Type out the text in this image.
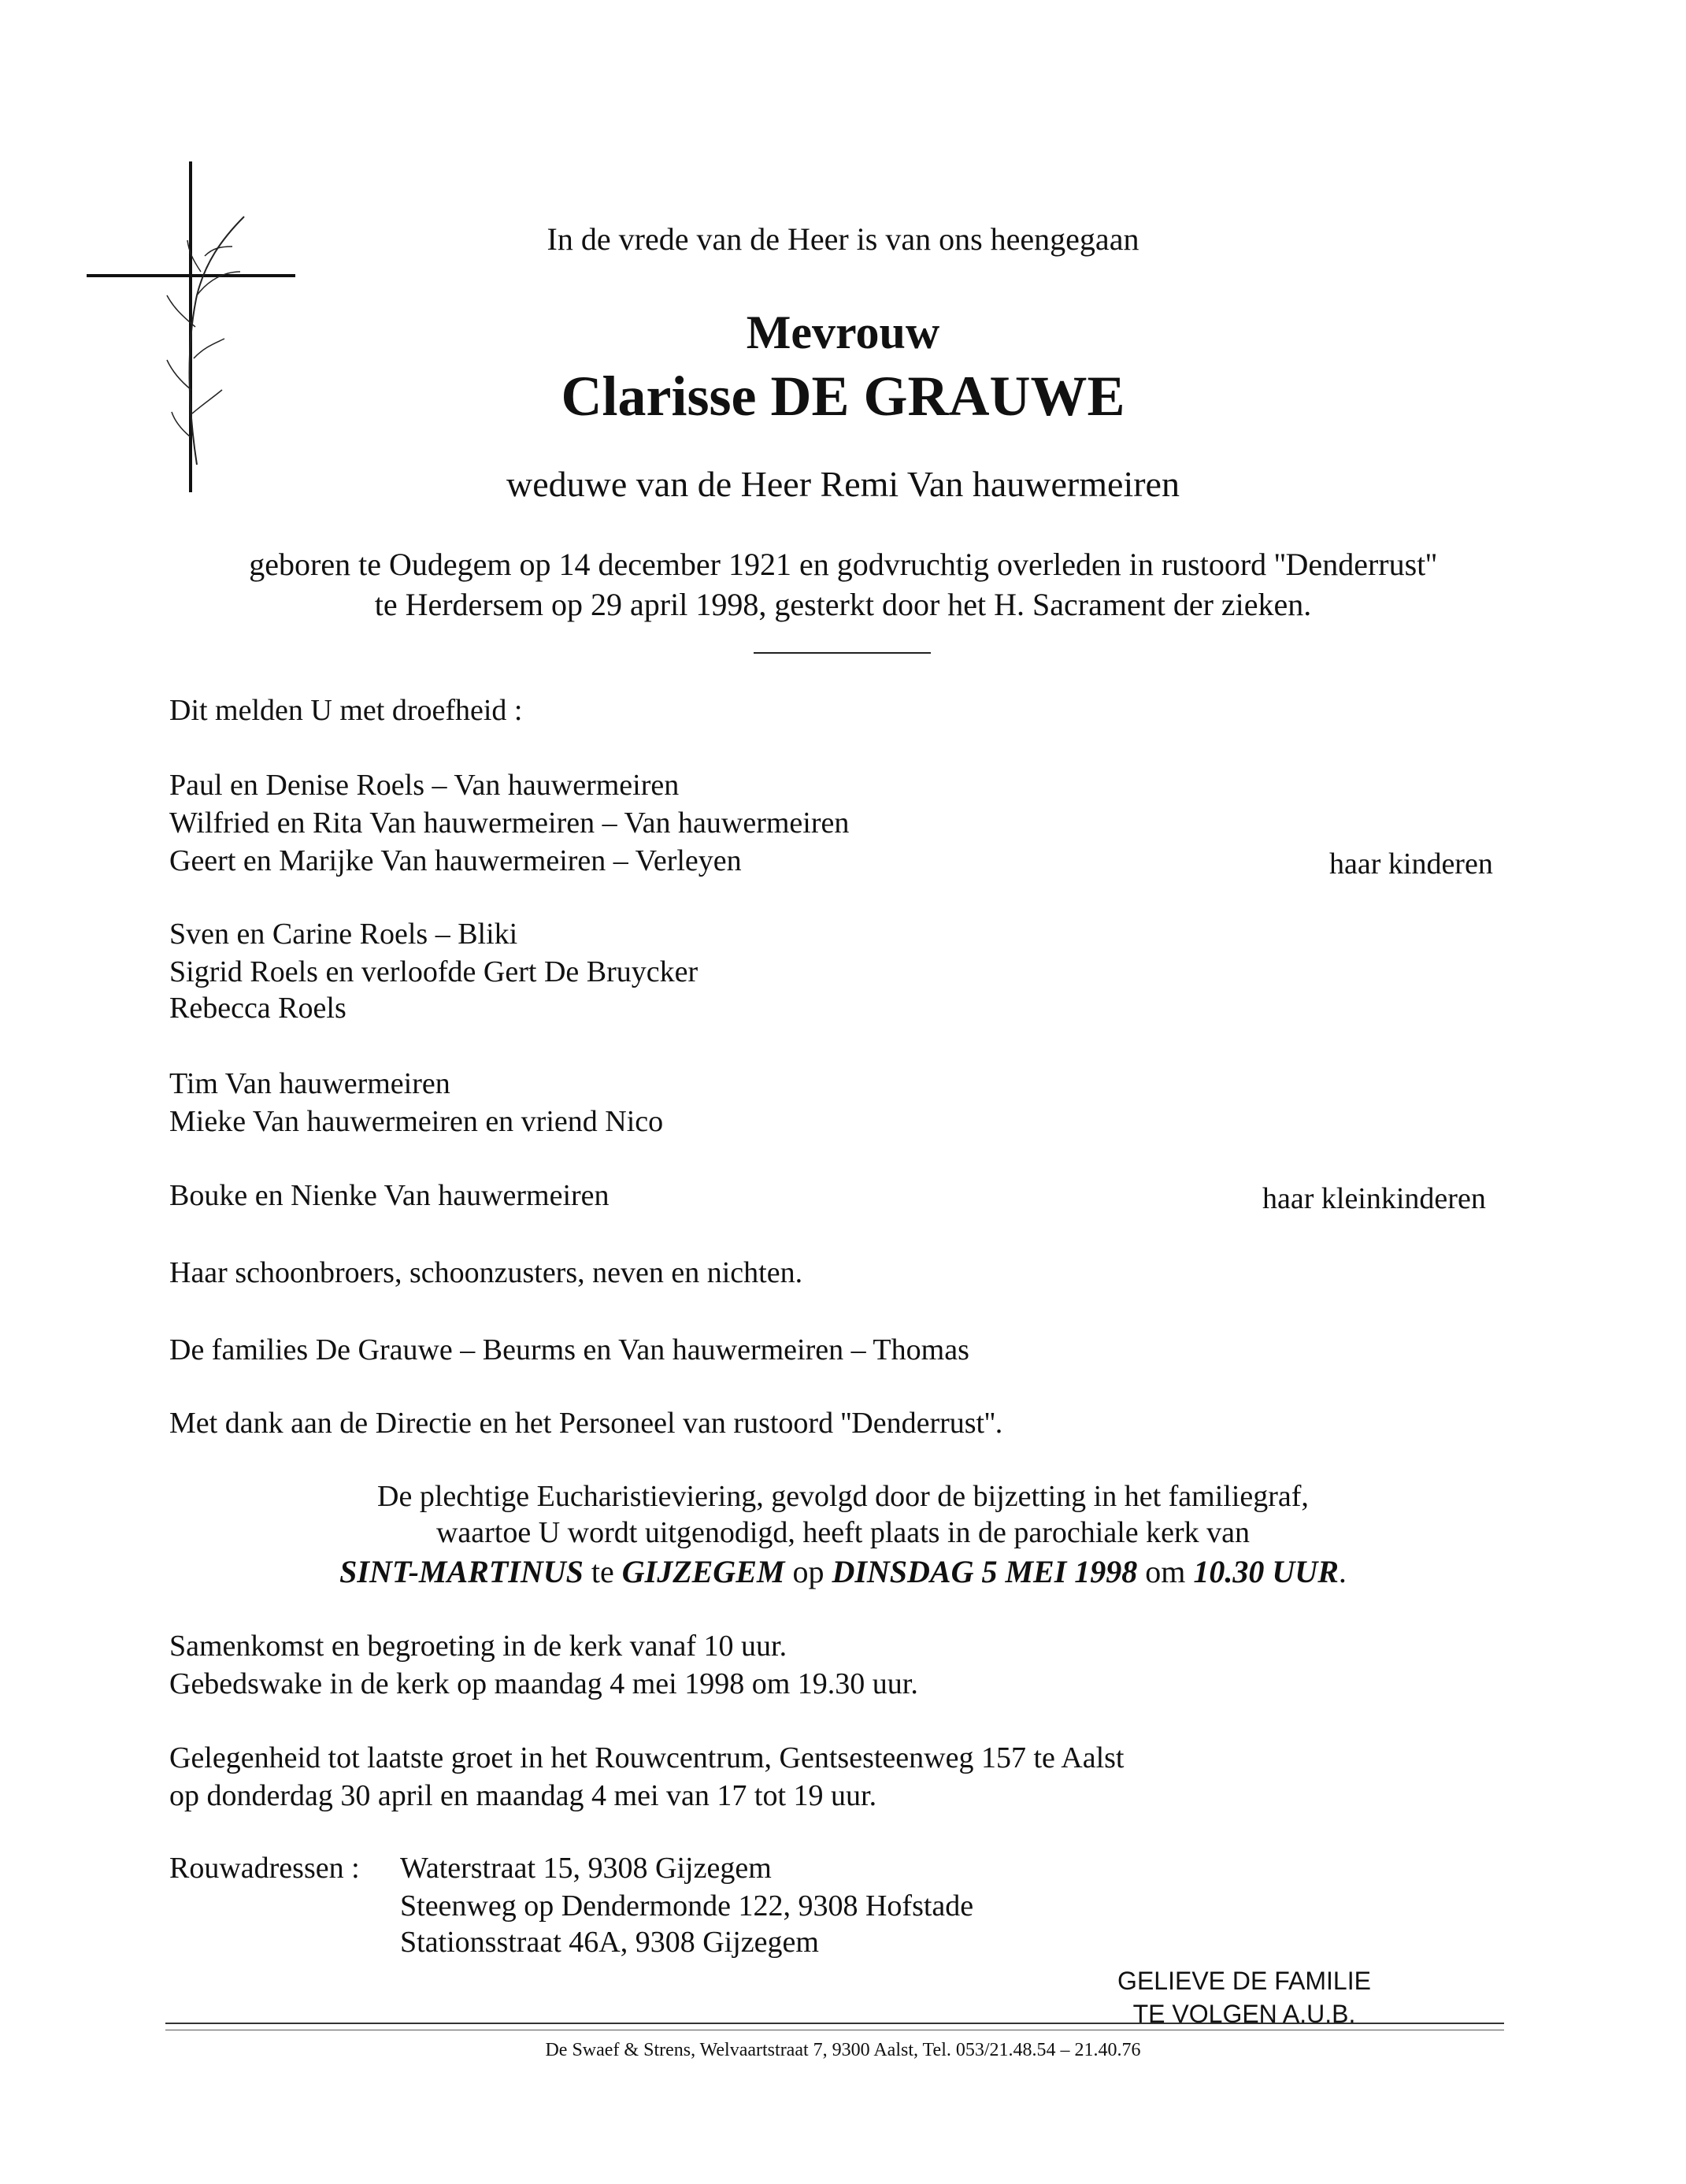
In de vrede van de Heer is van ons heengegaan
Mevrouw
Clarisse DE GRAUWE
weduwe van de Heer Remi Van hauwermeiren
geboren te Oudegem op 14 december 1921 en godvruchtig overleden in rustoord ''Denderrust''
te Herdersem op 29 april 1998, gesterkt door het H. Sacrament der zieken.
Dit melden U met droefheid :
Paul en Denise Roels – Van hauwermeiren
Wilfried en Rita Van hauwermeiren – Van hauwermeiren
Geert en Marijke Van hauwermeiren – Verleyen	haar kinderen
Sven en Carine Roels – Bliki
Sigrid Roels en verloofde Gert De Bruycker
Rebecca Roels
Tim Van hauwermeiren
Mieke Van hauwermeiren en vriend Nico
Bouke en Nienke Van hauwermeiren	haar kleinkinderen
Haar schoonbroers, schoonzusters, neven en nichten.
De families De Grauwe – Beurms en Van hauwermeiren – Thomas
Met dank aan de Directie en het Personeel van rustoord ''Denderrust''.
De plechtige Eucharistieviering, gevolgd door de bijzetting in het familiegraf,
waartoe U wordt uitgenodigd, heeft plaats in de parochiale kerk van
SINT-MARTINUS te GIJZEGEM op DINSDAG 5 MEI 1998 om 10.30 UUR.
Samenkomst en begroeting in de kerk vanaf 10 uur.
Gebedswake in de kerk op maandag 4 mei 1998 om 19.30 uur.
Gelegenheid tot laatste groet in het Rouwcentrum, Gentsesteenweg 157 te Aalst
op donderdag 30 april en maandag 4 mei van 17 tot 19 uur.
Rouwadressen : Waterstraat 15, 9308 Gijzegem
Steenweg op Dendermonde 122, 9308 Hofstade
Stationsstraat 46A, 9308 Gijzegem
GELIEVE DE FAMILIE
TE VOLGEN A.U.B.
De Swaef & Strens, Welvaartstraat 7, 9300 Aalst, Tel. 053/21.48.54 – 21.40.76
